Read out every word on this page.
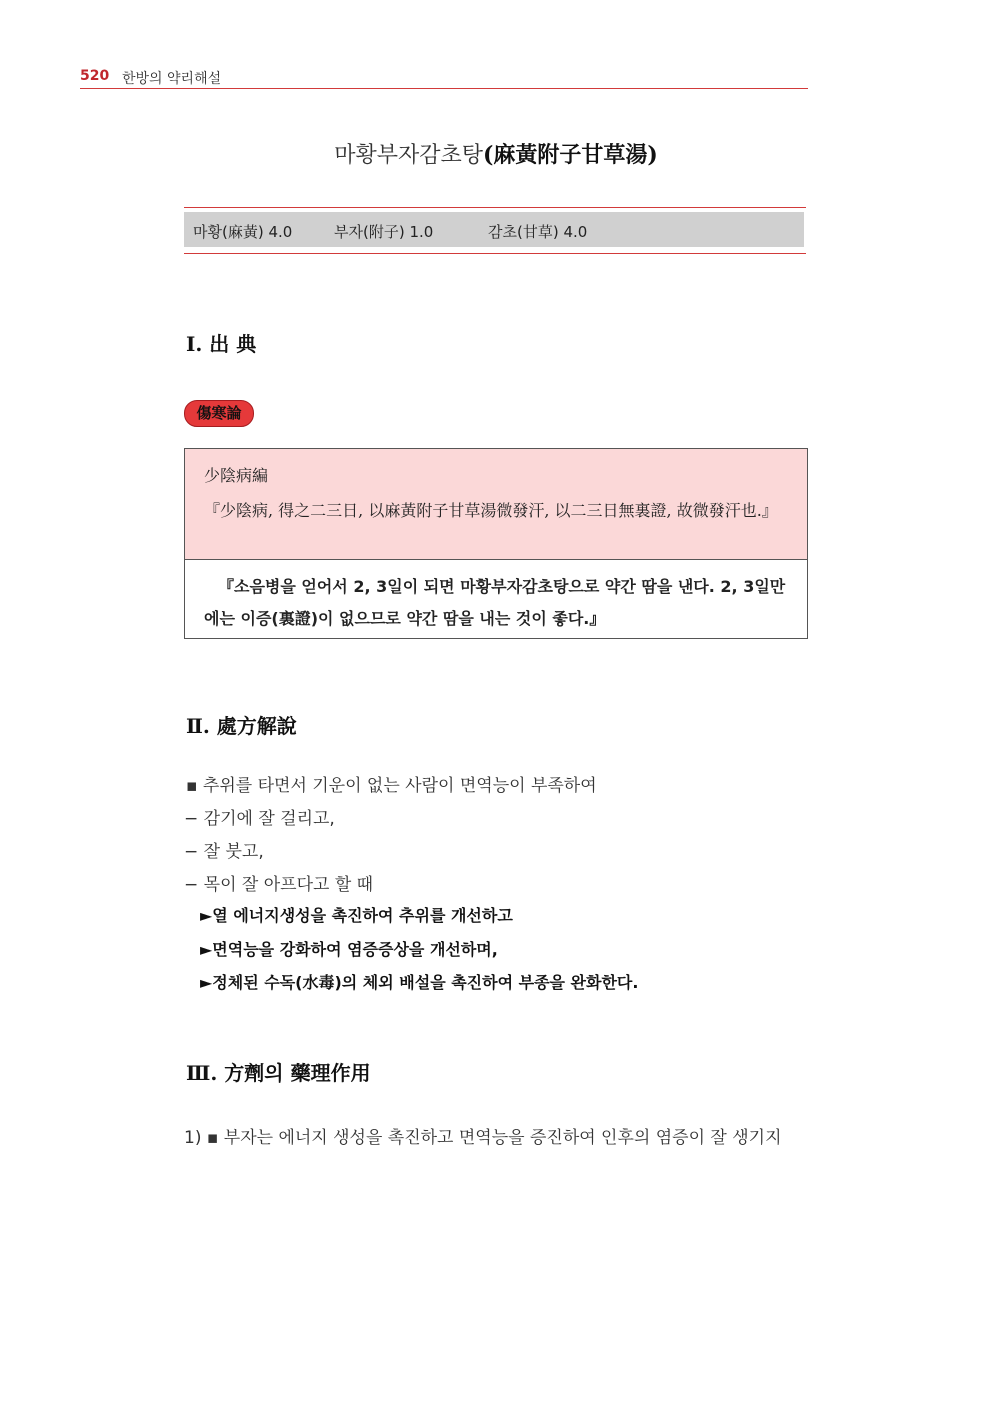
520 한방의 약리해설
마황부자감초탕(麻黃附子甘草湯)
마황(麻黃) 4.0	부자(附子) 1.0	감초(甘草) 4.0
Ⅰ. 出 典
傷寒論
少陰病編
『少陰病, 得之二三日, 以麻黃附子甘草湯微發汗, 以二三日無裏證, 故微發汗也.』
『소음병을 얻어서 2, 3일이 되면 마황부자감초탕으로 약간 땀을 낸다. 2, 3일만에는 이증(裏證)이 없으므로 약간 땀을 내는 것이 좋다.』
Ⅱ. 處方解說
▪ 추위를 타면서 기운이 없는 사람이 면역능이 부족하여
− 감기에 잘 걸리고,
− 잘 붓고,
− 목이 잘 아프다고 할 때
►열 에너지생성을 촉진하여 추위를 개선하고
►면역능을 강화하여 염증증상을 개선하며,
►정체된 수독(水毒)의 체외 배설을 촉진하여 부종을 완화한다.
Ⅲ. 方劑의 藥理作用
1) ▪ 부자는 에너지 생성을 촉진하고 면역능을 증진하여 인후의 염증이 잘 생기지
